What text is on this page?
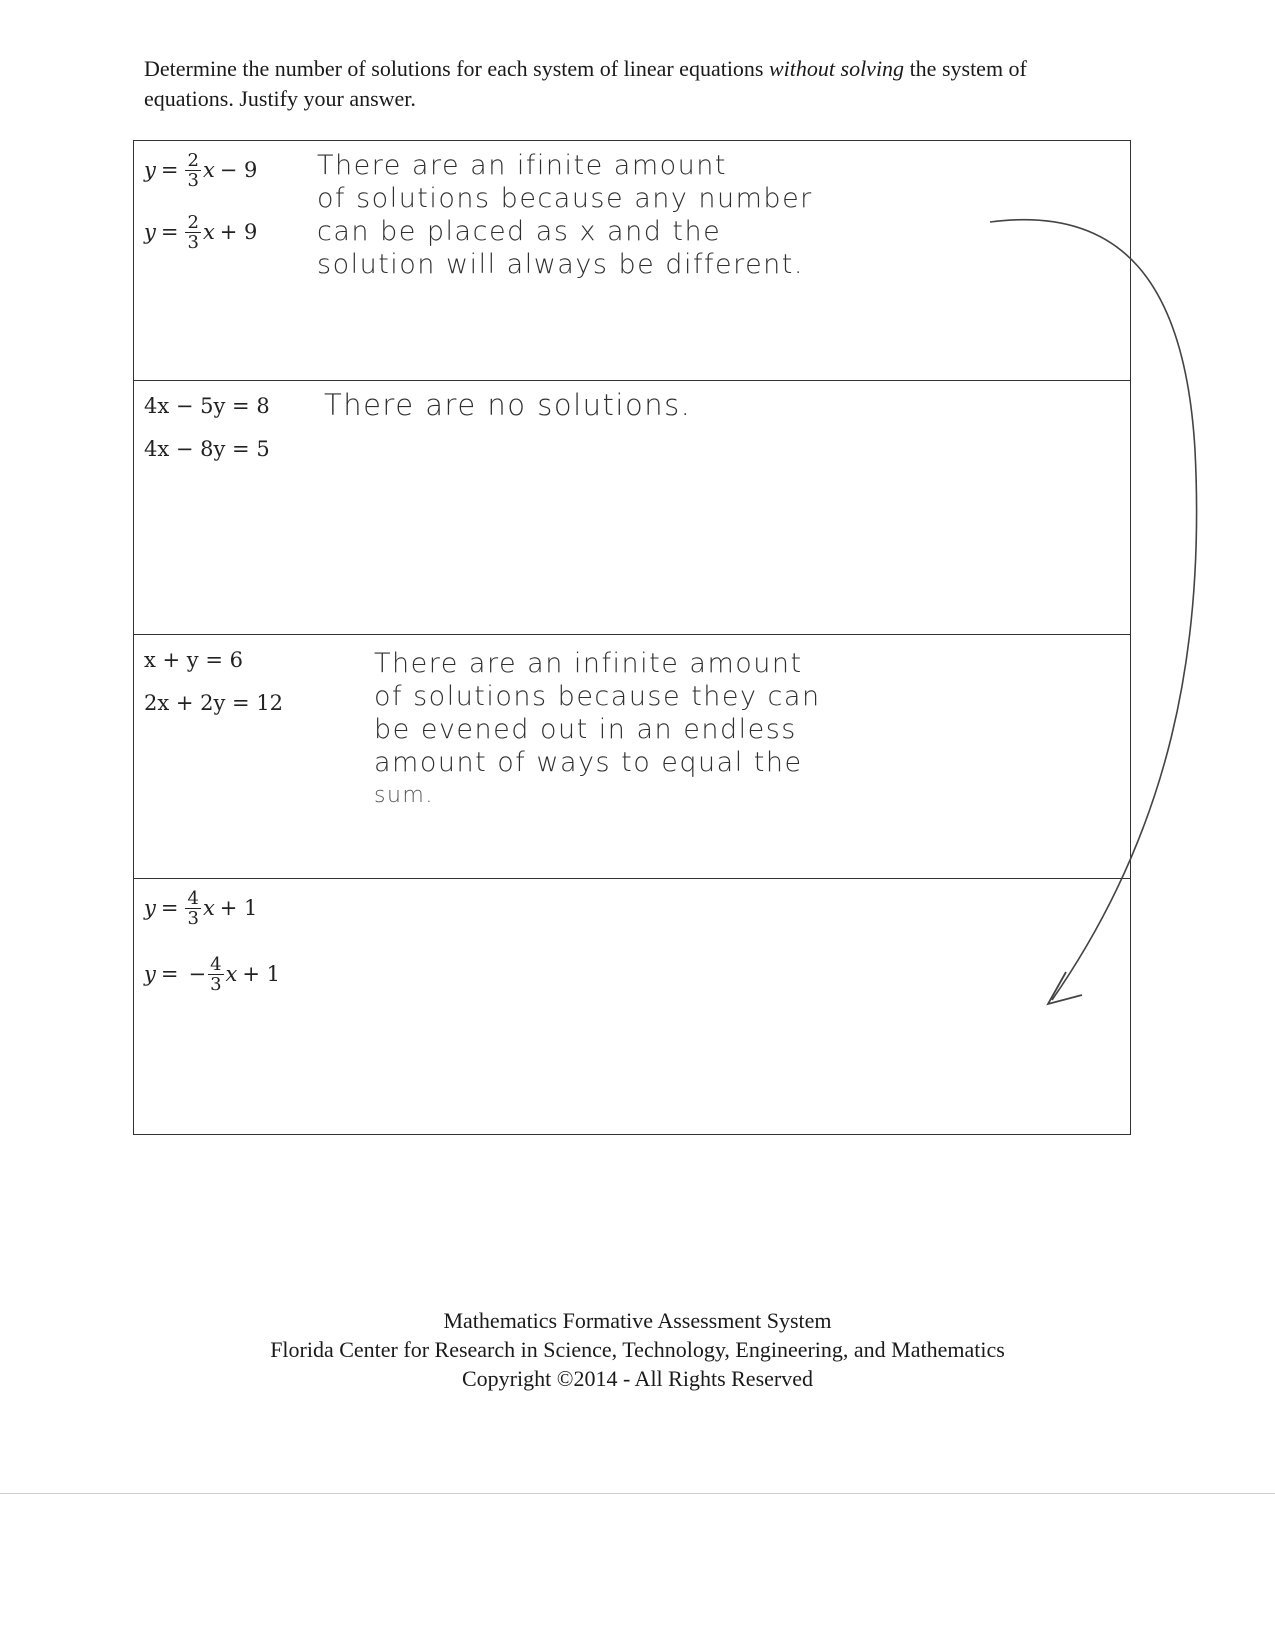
Determine the number of solutions for each system of linear equations without solving the system of equations. Justify your answer.
$y = \frac{2}{3}$ x − 9
$y = \frac{2}{3}$ x + 9
There are an ifinite amount
of solutions because any number
can be placed as x and the
solution will always be different.
4x − 5y = 8
4x − 8y = 5
There are no solutions.
x + y = 6
2x + 2y = 12
There are an infinite amount
of solutions because they can
be evened out in an endless
amount of ways to equal the
sum.
$y = \frac{4}{3}$ x + 1
y = − $\frac{4}{3}$ x + 1
Mathematics Formative Assessment System
Florida Center for Research in Science, Technology, Engineering, and Mathematics
Copyright ©2014 - All Rights Reserved
